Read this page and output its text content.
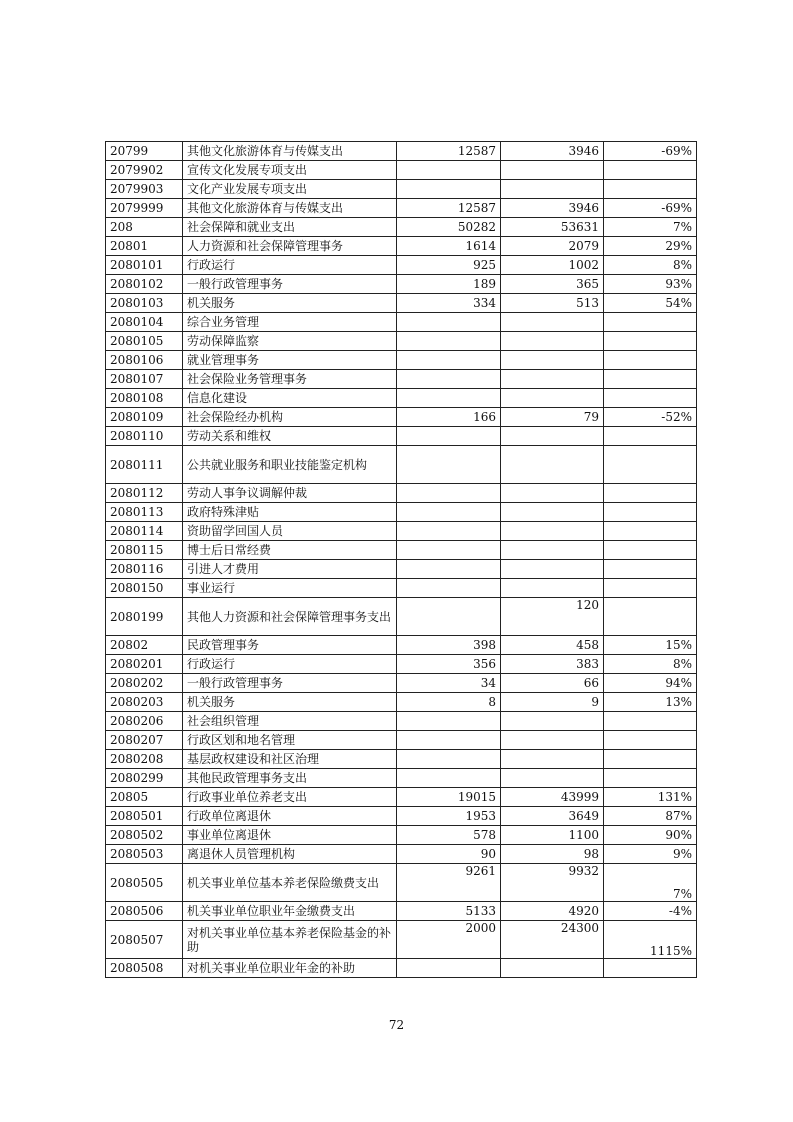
20799	其他文化旅游体育与传媒支出	12587	3946	-69%
2079902	宣传文化发展专项支出			
2079903	文化产业发展专项支出			
2079999	其他文化旅游体育与传媒支出	12587	3946	-69%
208	社会保障和就业支出	50282	53631	7%
20801	人力资源和社会保障管理事务	1614	2079	29%
2080101	行政运行	925	1002	8%
2080102	一般行政管理事务	189	365	93%
2080103	机关服务	334	513	54%
2080104	综合业务管理			
2080105	劳动保障监察			
2080106	就业管理事务			
2080107	社会保险业务管理事务			
2080108	信息化建设			
2080109	社会保险经办机构	166	79	-52%
2080110	劳动关系和维权			
2080111	公共就业服务和职业技能鉴定机构			
2080112	劳动人事争议调解仲裁			
2080113	政府特殊津贴			
2080114	资助留学回国人员			
2080115	博士后日常经费			
2080116	引进人才费用			
2080150	事业运行			
2080199	其他人力资源和社会保障管理事务支出		120	
20802	民政管理事务	398	458	15%
2080201	行政运行	356	383	8%
2080202	一般行政管理事务	34	66	94%
2080203	机关服务	8	9	13%
2080206	社会组织管理			
2080207	行政区划和地名管理			
2080208	基层政权建设和社区治理			
2080299	其他民政管理事务支出			
20805	行政事业单位养老支出	19015	43999	131%
2080501	行政单位离退休	1953	3649	87%
2080502	事业单位离退休	578	1100	90%
2080503	离退休人员管理机构	90	98	9%
2080505	机关事业单位基本养老保险缴费支出	9261	9932	7%
2080506	机关事业单位职业年金缴费支出	5133	4920	-4%
2080507	对机关事业单位基本养老保险基金的补助	2000	24300	1115%
2080508	对机关事业单位职业年金的补助			
72
